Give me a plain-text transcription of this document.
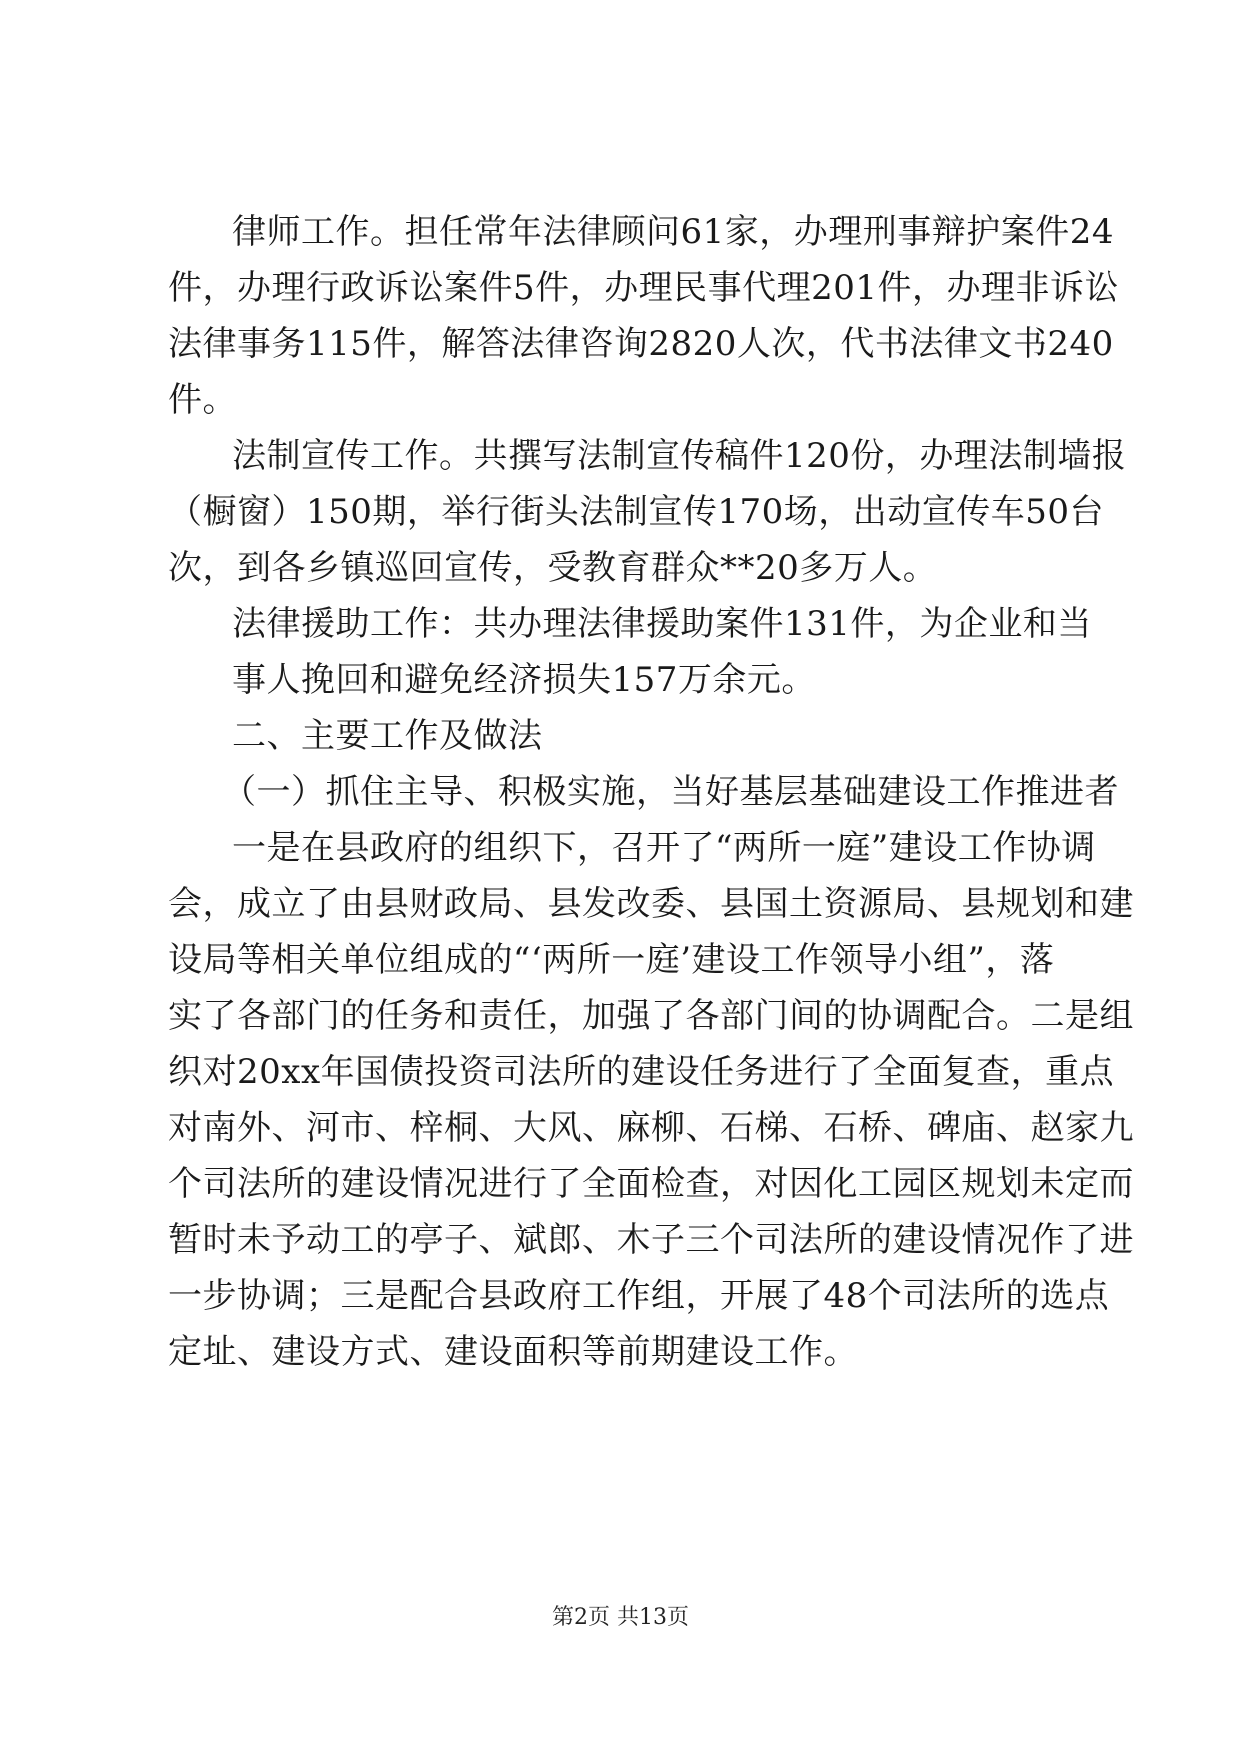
律师工作。担任常年法律顾问61家，办理刑事辩护案件24
件，办理行政诉讼案件5件，办理民事代理201件，办理非诉讼
法律事务115件，解答法律咨询2820人次，代书法律文书240
件。
法制宣传工作。共撰写法制宣传稿件120份，办理法制墙报
（橱窗）150期，举行街头法制宣传170场，出动宣传车50台
次，到各乡镇巡回宣传，受教育群众**20多万人。
法律援助工作：共办理法律援助案件131件，为企业和当
事人挽回和避免经济损失157万余元。
二、主要工作及做法
（一）抓住主导、积极实施，当好基层基础建设工作推进者
一是在县政府的组织下，召开了“两所一庭”建设工作协调
会，成立了由县财政局、县发改委、县国土资源局、县规划和建
设局等相关单位组成的“‘两所一庭’建设工作领导小组”，落
实了各部门的任务和责任，加强了各部门间的协调配合。二是组
织对20xx年国债投资司法所的建设任务进行了全面复查，重点
对南外、河市、梓桐、大风、麻柳、石梯、石桥、碑庙、赵家九
个司法所的建设情况进行了全面检查，对因化工园区规划未定而
暂时未予动工的亭子、斌郎、木子三个司法所的建设情况作了进
一步协调；三是配合县政府工作组，开展了48个司法所的选点
定址、建设方式、建设面积等前期建设工作。
第2页 共13页
